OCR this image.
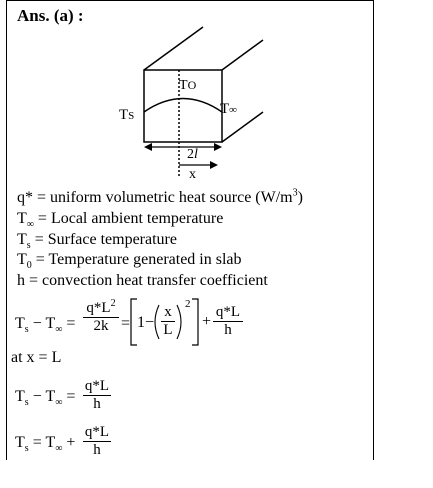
Ans. (a) :
TO
TS	T∞
2l
x
q* = uniform volumetric heat source $(W/m^3)$
$T_\infty$ = Local ambient temperature
$T_s$ = Surface temperature
$T_0$ = Temperature generated in slab
h = convection heat transfer coefficient
$T_s - T_\infty$ =
$q*L^2$
2k = 1−
x
L
2
+
q*L
h
at x = L
$T_s - T_\infty$ =
q*L
h
$T_s = T_\infty$ +
q*L
h
